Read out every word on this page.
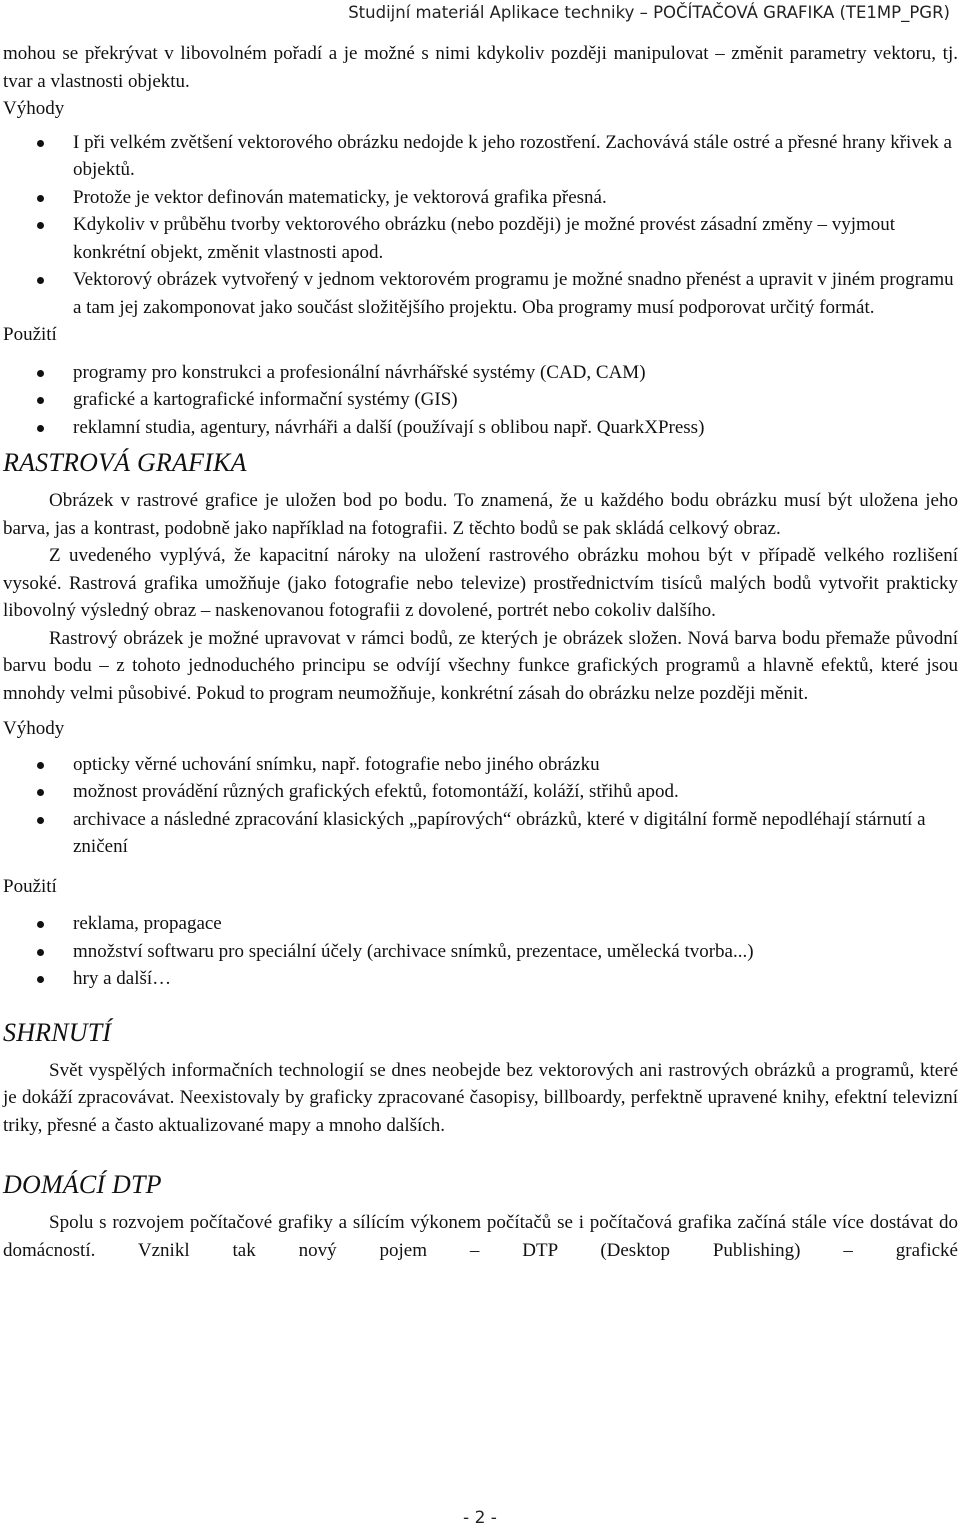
Studijní materiál Aplikace techniky – POČÍTAČOVÁ GRAFIKA (TE1MP_PGR)

mohou se překrývat v libovolném pořadí a je možné s nimi kdykoliv později manipulovat – změnit parametry vektoru, tj. tvar a vlastnosti objektu.

Výhody

I při velkém zvětšení vektorového obrázku nedojde k jeho rozostření. Zachovává stále ostré a přesné hrany křivek a objektů.
Protože je vektor definován matematicky, je vektorová grafika přesná.
Kdykoliv v průběhu tvorby vektorového obrázku (nebo později) je možné provést zásadní změny – vyjmout konkrétní objekt, změnit vlastnosti apod.
Vektorový obrázek vytvořený v jednom vektorovém programu je možné snadno přenést a upravit v jiném programu a tam jej zakomponovat jako součást složitějšího projektu. Oba programy musí podporovat určitý formát.

Použití

programy pro konstrukci a profesionální návrhářské systémy (CAD, CAM)
grafické a kartografické informační systémy (GIS)
reklamní studia, agentury, návrháři a další (používají s oblibou např. QuarkXPress)
RASTROVÁ GRAFIKA

Obrázek v rastrové grafice je uložen bod po bodu. To znamená, že u každého bodu obrázku musí být uložena jeho barva, jas a kontrast, podobně jako například na fotografii. Z těchto bodů se pak skládá celkový obraz.

Z uvedeného vyplývá, že kapacitní nároky na uložení rastrového obrázku mohou být v případě velkého rozlišení vysoké. Rastrová grafika umožňuje (jako fotografie nebo televize) prostřednictvím tisíců malých bodů vytvořit prakticky libovolný výsledný obraz – naskenovanou fotografii z dovolené, portrét nebo cokoliv dalšího.

Rastrový obrázek je možné upravovat v rámci bodů, ze kterých je obrázek složen. Nová barva bodu přemaže původní barvu bodu – z tohoto jednoduchého principu se odvíjí všechny funkce grafických programů a hlavně efektů, které jsou mnohdy velmi působivé. Pokud to program neumožňuje, konkrétní zásah do obrázku nelze později měnit.

Výhody

opticky věrné uchování snímku, např. fotografie nebo jiného obrázku
možnost provádění různých grafických efektů, fotomontáží, koláží, střihů apod.
archivace a následné zpracování klasických „papírových“ obrázků, které v digitální formě nepodléhají stárnutí a zničení

Použití

reklama, propagace
množství softwaru pro speciální účely (archivace snímků, prezentace, umělecká tvorba...)
hry a další…
SHRNUTÍ

Svět vyspělých informačních technologií se dnes neobejde bez vektorových ani rastrových obrázků a programů, které je dokáží zpracovávat. Neexistovaly by graficky zpracované časopisy, billboardy, perfektně upravené knihy, efektní televizní triky, přesné a často aktualizované mapy a mnoho dalších.

DOMÁCÍ DTP

Spolu s rozvojem počítačové grafiky a sílícím výkonem počítačů se i počítačová grafika začíná stále více dostávat do domácností. Vznikl tak nový pojem – DTP (Desktop Publishing) – grafické

- 2 -
